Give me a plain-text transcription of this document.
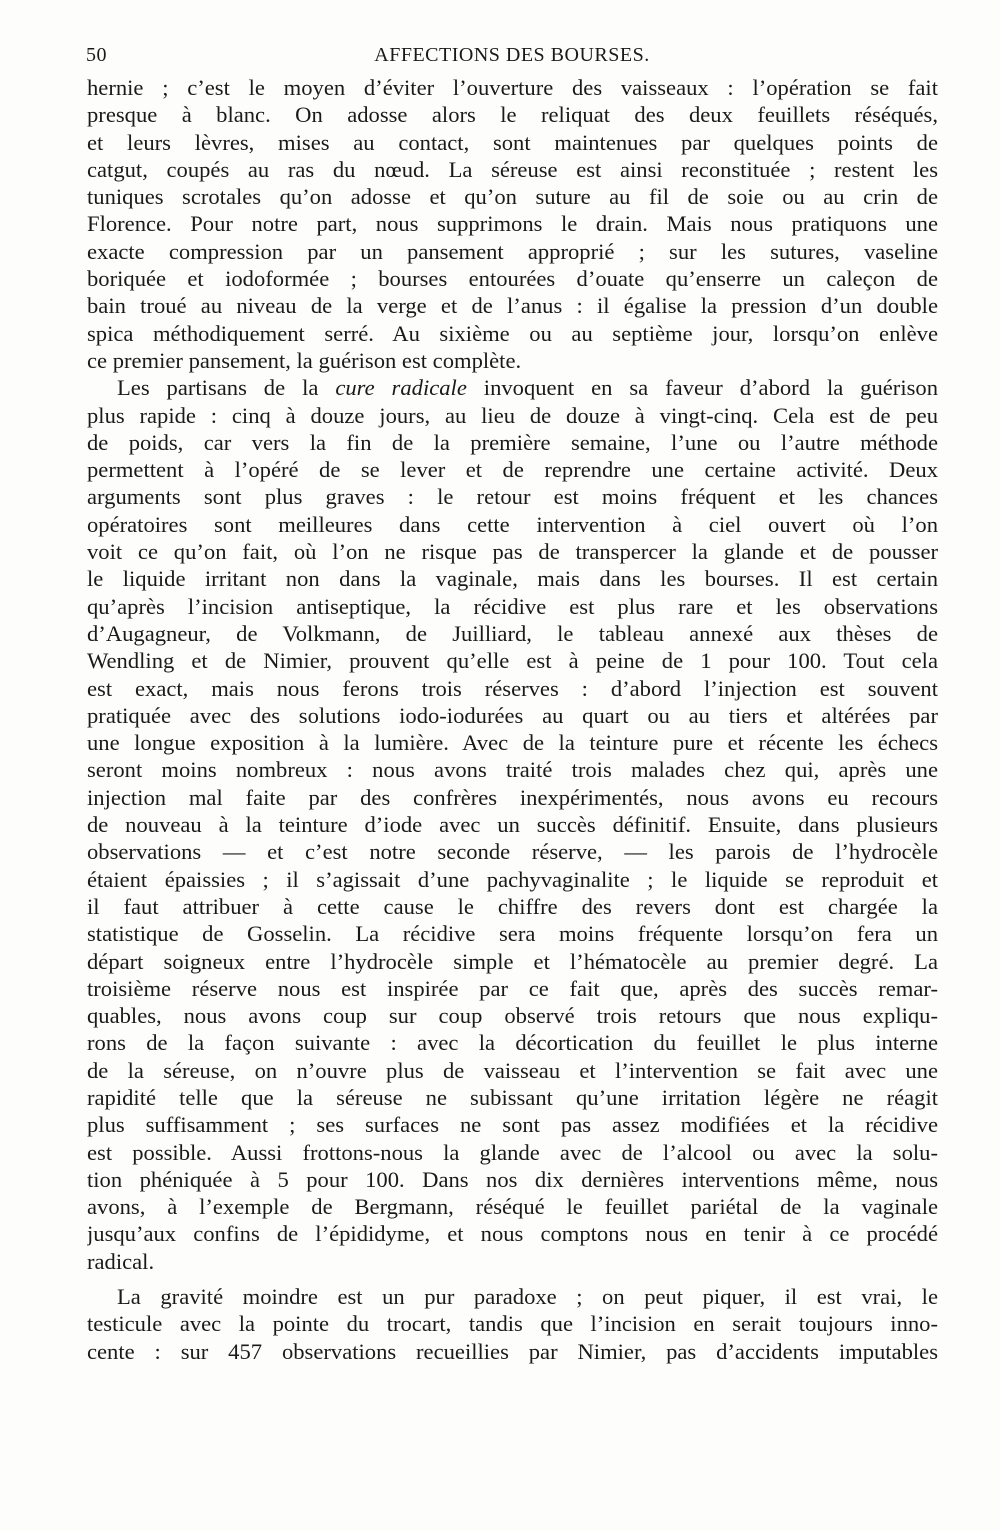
50	AFFECTIONS DES BOURSES.
hernie ; c’est le moyen d’éviter l’ouverture des vaisseaux : l’opération se fait
presque à blanc. On adosse alors le reliquat des deux feuillets réséqués,
et leurs lèvres, mises au contact, sont maintenues par quelques points de
catgut, coupés au ras du nœud. La séreuse est ainsi reconstituée ; restent les
tuniques scrotales qu’on adosse et qu’on suture au fil de soie ou au crin de
Florence. Pour notre part, nous supprimons le drain. Mais nous pratiquons une
exacte compression par un pansement approprié ; sur les sutures, vaseline
boriquée et iodoformée ; bourses entourées d’ouate qu’enserre un caleçon de
bain troué au niveau de la verge et de l’anus : il égalise la pression d’un double
spica méthodiquement serré. Au sixième ou au septième jour, lorsqu’on enlève
ce premier pansement, la guérison est complète.
Les partisans de la cure radicale invoquent en sa faveur d’abord la guérison
plus rapide : cinq à douze jours, au lieu de douze à vingt-cinq. Cela est de peu
de poids, car vers la fin de la première semaine, l’une ou l’autre méthode
permettent à l’opéré de se lever et de reprendre une certaine activité. Deux
arguments sont plus graves : le retour est moins fréquent et les chances
opératoires sont meilleures dans cette intervention à ciel ouvert où l’on
voit ce qu’on fait, où l’on ne risque pas de transpercer la glande et de pousser
le liquide irritant non dans la vaginale, mais dans les bourses. Il est certain
qu’après l’incision antiseptique, la récidive est plus rare et les observations
d’Augagneur, de Volkmann, de Juilliard, le tableau annexé aux thèses de
Wendling et de Nimier, prouvent qu’elle est à peine de 1 pour 100. Tout cela
est exact, mais nous ferons trois réserves : d’abord l’injection est souvent
pratiquée avec des solutions iodo-iodurées au quart ou au tiers et altérées par
une longue exposition à la lumière. Avec de la teinture pure et récente les échecs
seront moins nombreux : nous avons traité trois malades chez qui, après une
injection mal faite par des confrères inexpérimentés, nous avons eu recours
de nouveau à la teinture d’iode avec un succès définitif. Ensuite, dans plusieurs
observations — et c’est notre seconde réserve, — les parois de l’hydrocèle
étaient épaissies ; il s’agissait d’une pachyvaginalite ; le liquide se reproduit et
il faut attribuer à cette cause le chiffre des revers dont est chargée la
statistique de Gosselin. La récidive sera moins fréquente lorsqu’on fera un
départ soigneux entre l’hydrocèle simple et l’hématocèle au premier degré. La
troisième réserve nous est inspirée par ce fait que, après des succès remar-
quables, nous avons coup sur coup observé trois retours que nous expliqu-
rons de la façon suivante : avec la décortication du feuillet le plus interne
de la séreuse, on n’ouvre plus de vaisseau et l’intervention se fait avec une
rapidité telle que la séreuse ne subissant qu’une irritation légère ne réagit
plus suffisamment ; ses surfaces ne sont pas assez modifiées et la récidive
est possible. Aussi frottons-nous la glande avec de l’alcool ou avec la solu-
tion phéniquée à 5 pour 100. Dans nos dix dernières interventions même, nous
avons, à l’exemple de Bergmann, réséqué le feuillet pariétal de la vaginale
jusqu’aux confins de l’épididyme, et nous comptons nous en tenir à ce procédé
radical.
La gravité moindre est un pur paradoxe ; on peut piquer, il est vrai, le
testicule avec la pointe du trocart, tandis que l’incision en serait toujours inno-
cente : sur 457 observations recueillies par Nimier, pas d’accidents imputables
